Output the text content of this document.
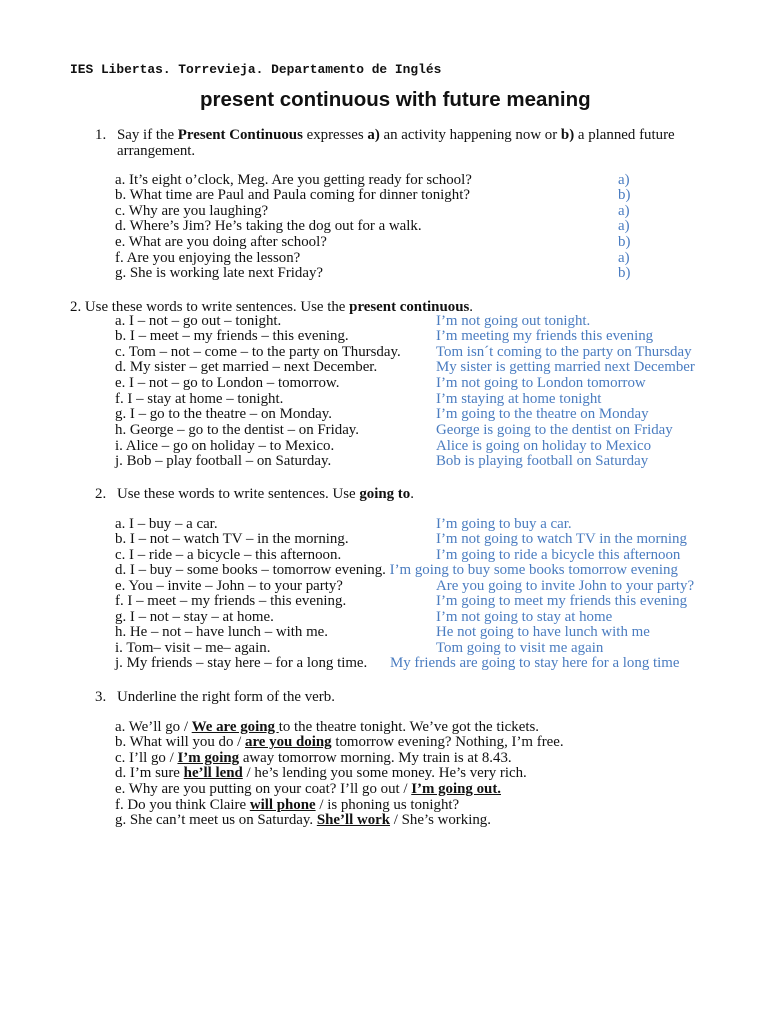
IES Libertas. Torrevieja. Departamento de Inglés
present continuous with future meaning
1. Say if the Present Continuous expresses a) an activity happening now or b) a planned future arrangement.
a. It’s eight o’clock, Meg. Are you getting ready for school?	a)
b. What time are Paul and Paula coming for dinner tonight?	b)
c. Why are you laughing?	a)
d. Where’s Jim? He’s taking the dog out for a walk.	a)
e. What are you doing after school?	b)
f. Are you enjoying the lesson?	a)
g. She is working late next Friday?	b)
2. Use these words to write sentences. Use the present continuous.
a. I – not – go out – tonight.	I’m not going out tonight.
b. I – meet – my friends – this evening.	I’m meeting my friends this evening
c. Tom – not – come – to the party on Thursday. Tom isn´t coming to the party on Thursday
d. My sister – get married – next December.	My sister is getting married next December
e. I – not – go to London – tomorrow.	I’m not going to London tomorrow
f. I – stay at home – tonight.	I’m staying at home tonight
g. I – go to the theatre – on Monday.	I’m going to the theatre on Monday
h. George – go to the dentist – on Friday.	George is going to the dentist on Friday
i. Alice – go on holiday – to Mexico.	Alice is going on holiday to Mexico
j. Bob – play football – on Saturday.	Bob is playing football on Saturday
2. Use these words to write sentences. Use going to.
a. I – buy – a car.	I’m going to buy a car.
b. I – not – watch TV – in the morning.	I’m not going to watch TV in the morning
c. I – ride – a bicycle – this afternoon.	I’m going to ride a bicycle this afternoon
d. I – buy – some books – tomorrow evening. I’m going to buy some books tomorrow evening
e. You – invite – John – to your party?	Are you going to invite John to your party?
f. I – meet – my friends – this evening.	I’m going to meet my friends this evening
g. I – not – stay – at home.	I’m not going to stay at home
h. He – not – have lunch – with me.	He not going to have lunch with me
i. Tom– visit – me– again.	Tom going to visit me again
j. My friends – stay here – for a long time. My friends are going to stay here for a long time
3. Underline the right form of the verb.
a. We’ll go / We are going to the theatre tonight. We’ve got the tickets.
b. What will you do / are you doing tomorrow evening? Nothing, I’m free.
c. I’ll go / I’m going away tomorrow morning. My train is at 8.43.
d. I’m sure he’ll lend / he’s lending you some money. He’s very rich.
e. Why are you putting on your coat? I’ll go out / I’m going out.
f. Do you think Claire will phone / is phoning us tonight?
g. She can’t meet us on Saturday. She’ll work / She’s working.
